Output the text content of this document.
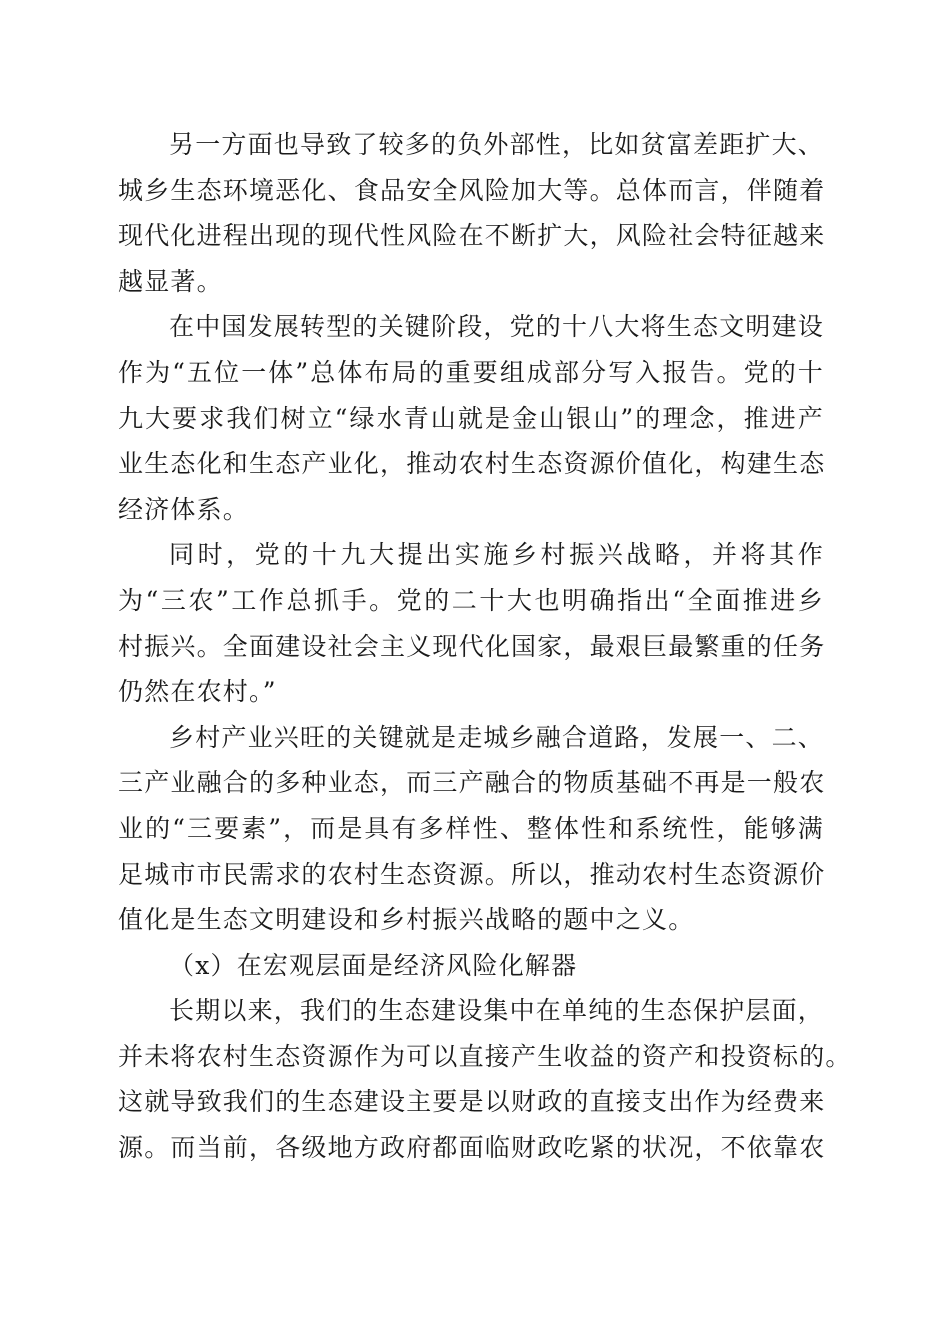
另一方面也导致了较多的负外部性，比如贫富差距扩大、
城乡生态环境恶化、食品安全风险加大等。总体而言，伴随着
现代化进程出现的现代性风险在不断扩大，风险社会特征越来
越显著。
在中国发展转型的关键阶段，党的十八大将生态文明建设
作为“五位一体”总体布局的重要组成部分写入报告。党的十
九大要求我们树立“绿水青山就是金山银山”的理念，推进产
业生态化和生态产业化，推动农村生态资源价值化，构建生态
经济体系。
同时，党的十九大提出实施乡村振兴战略，并将其作
为“三农”工作总抓手。党的二十大也明确指出“全面推进乡
村振兴。全面建设社会主义现代化国家，最艰巨最繁重的任务
仍然在农村。”
乡村产业兴旺的关键就是走城乡融合道路，发展一、二、
三产业融合的多种业态，而三产融合的物质基础不再是一般农
业的“三要素”，而是具有多样性、整体性和系统性，能够满
足城市市民需求的农村生态资源。所以，推动农村生态资源价
值化是生态文明建设和乡村振兴战略的题中之义。
（x）在宏观层面是经济风险化解器
长期以来，我们的生态建设集中在单纯的生态保护层面，
并未将农村生态资源作为可以直接产生收益的资产和投资标的。
这就导致我们的生态建设主要是以财政的直接支出作为经费来
源。而当前，各级地方政府都面临财政吃紧的状况，不依靠农
